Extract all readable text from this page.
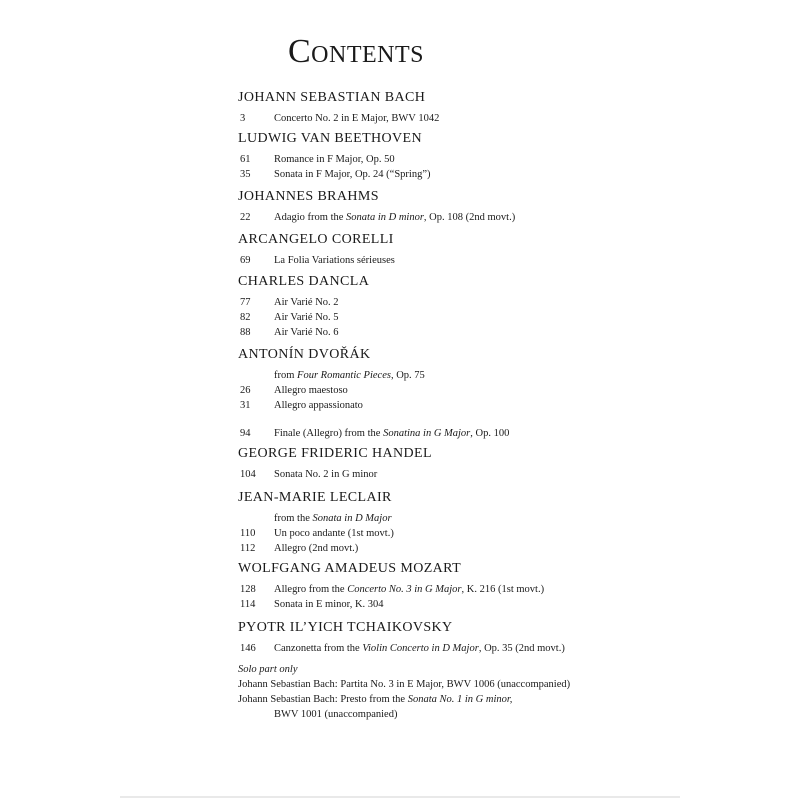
Contents
JOHANN SEBASTIAN BACH
3	Concerto No. 2 in E Major, BWV 1042
LUDWIG VAN BEETHOVEN
61 Romance in F Major, Op. 50
35 Sonata in F Major, Op. 24 (“Spring”)
JOHANNES BRAHMS
22 Adagio from the Sonata in D minor, Op. 108 (2nd movt.)
ARCANGELO CORELLI
69 La Folia Variations sérieuses
CHARLES DANCLA
77 Air Varié No. 2
82 Air Varié No. 5
88 Air Varié No. 6
ANTONÍN DVOŘÁK
from Four Romantic Pieces, Op. 75
26 Allegro maestoso
31 Allegro appassionato
94 Finale (Allegro) from the Sonatina in G Major, Op. 100
GEORGE FRIDERIC HANDEL
104 Sonata No. 2 in G minor
JEAN-MARIE LECLAIR
from the Sonata in D Major
110 Un poco andante (1st movt.)
112 Allegro (2nd movt.)
WOLFGANG AMADEUS MOZART
128 Allegro from the Concerto No. 3 in G Major, K. 216 (1st movt.)
114 Sonata in E minor, K. 304
PYOTR IL’YICH TCHAIKOVSKY
146 Canzonetta from the Violin Concerto in D Major, Op. 35 (2nd movt.)
Solo part only
Johann Sebastian Bach: Partita No. 3 in E Major, BWV 1006 (unaccompanied)
Johann Sebastian Bach: Presto from the Sonata No. 1 in G minor,
BWV 1001 (unaccompanied)
